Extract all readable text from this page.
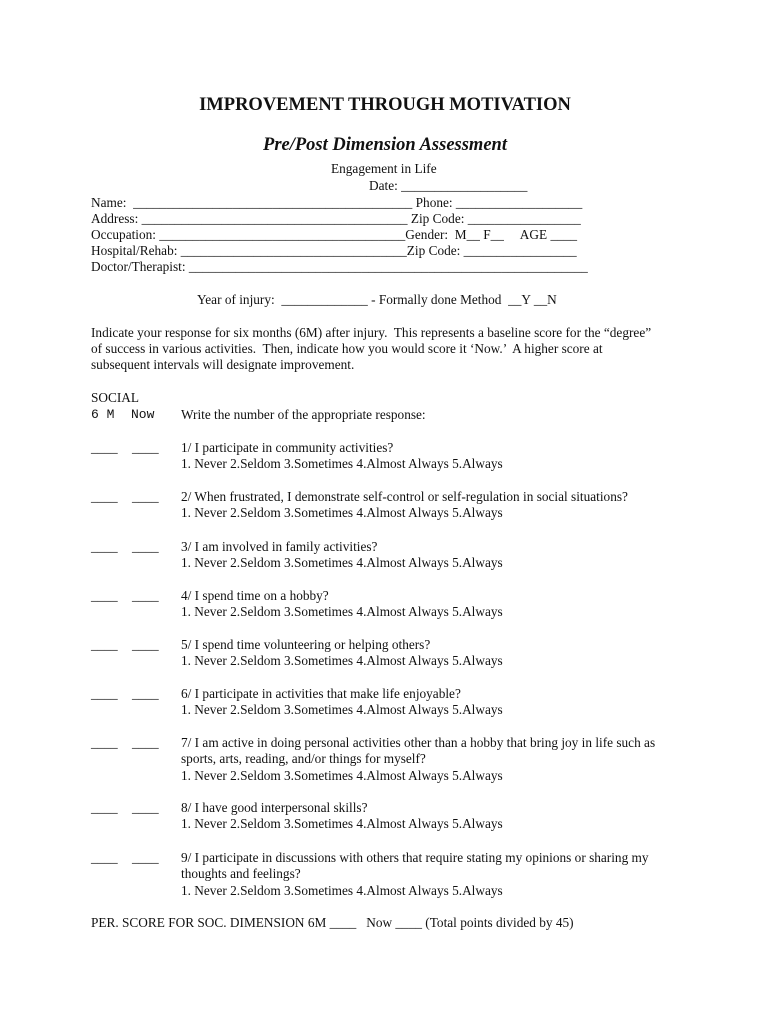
IMPROVEMENT THROUGH MOTIVATION
Pre/Post Dimension Assessment
Engagement in Life
Date: ___________________
Name:  __________________________________________ Phone: ___________________
Address: ________________________________________ Zip Code: _________________
Occupation: _____________________________________Gender:  M__ F__     AGE ____
Hospital/Rehab: __________________________________Zip Code: _________________
Doctor/Therapist: ____________________________________________________________
Year of injury:  _____________ - Formally done Method  __Y __N
Indicate your response for six months (6M) after injury.  This represents a baseline score for the “degree”
of success in various activities.  Then, indicate how you would score it ‘Now.’  A higher score at
subsequent intervals will designate improvement.
SOCIAL
6 M Now Write the number of the appropriate response:
____ ____ 1/ I participate in community activities?
1. Never 2.Seldom 3.Sometimes 4.Almost Always 5.Always
____ ____ 2/ When frustrated, I demonstrate self-control or self-regulation in social situations?
1. Never 2.Seldom 3.Sometimes 4.Almost Always 5.Always
____ ____ 3/ I am involved in family activities?
1. Never 2.Seldom 3.Sometimes 4.Almost Always 5.Always
____ ____ 4/ I spend time on a hobby?
1. Never 2.Seldom 3.Sometimes 4.Almost Always 5.Always
____ ____ 5/ I spend time volunteering or helping others?
1. Never 2.Seldom 3.Sometimes 4.Almost Always 5.Always
____ ____ 6/ I participate in activities that make life enjoyable?
1. Never 2.Seldom 3.Sometimes 4.Almost Always 5.Always
____ ____ 7/ I am active in doing personal activities other than a hobby that bring joy in life such as sports, arts, reading, and/or things for myself?
1. Never 2.Seldom 3.Sometimes 4.Almost Always 5.Always
____ ____ 8/ I have good interpersonal skills?
1. Never 2.Seldom 3.Sometimes 4.Almost Always 5.Always
____ ____ 9/ I participate in discussions with others that require stating my opinions or sharing my thoughts and feelings?
1. Never 2.Seldom 3.Sometimes 4.Almost Always 5.Always
PER. SCORE FOR SOC. DIMENSION 6M ____   Now ____ (Total points divided by 45)
